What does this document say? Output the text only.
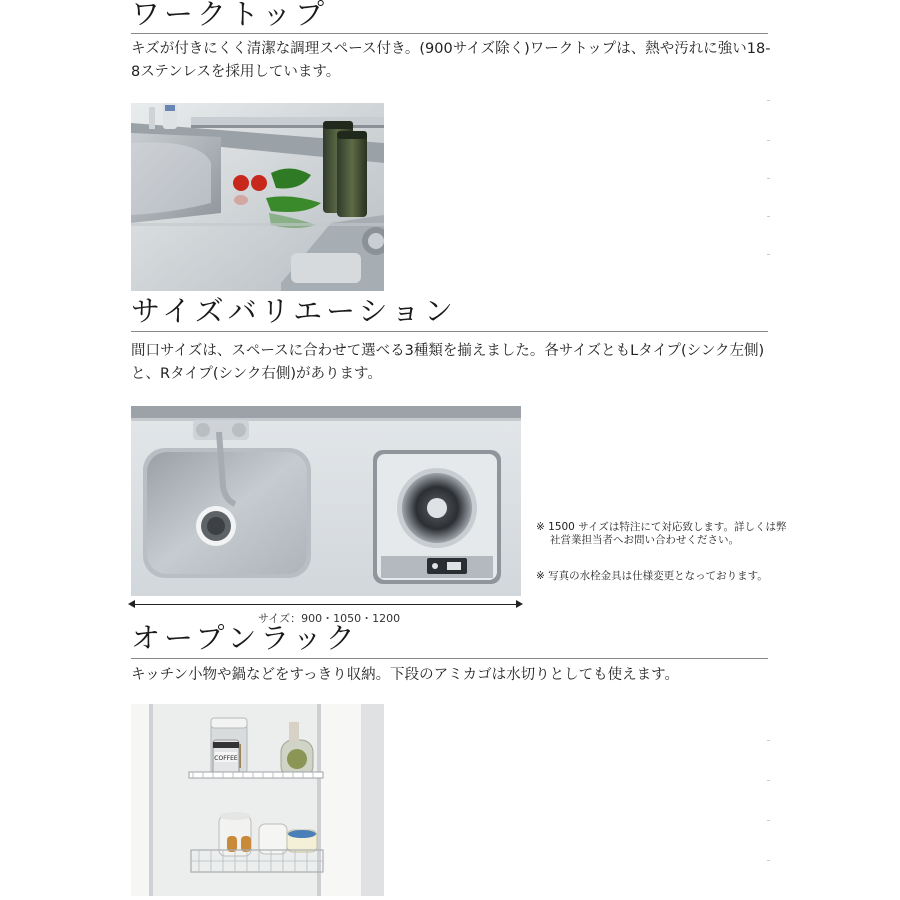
ワークトップ

キズが付きにくく清潔な調理スペース付き。(900サイズ除く)ワークトップは、熱や汚れに強い18-8ステンレスを採用しています。

サイズバリエーション

間口サイズは、スペースに合わせて選べる3種類を揃えました。各サイズともLタイプ(シンク左側)と、Rタイプ(シンク右側)があります。

※ 1500 サイズは特注にて対応致します。詳しくは弊社営業担当者へお問い合わせください。

※ 写真の水栓金具は仕様変更となっております。

サイズ：900・1050・1200

オープンラック

キッチン小物や鍋などをすっきり収納。下段のアミカゴは水切りとしても使えます。

COFFEE
